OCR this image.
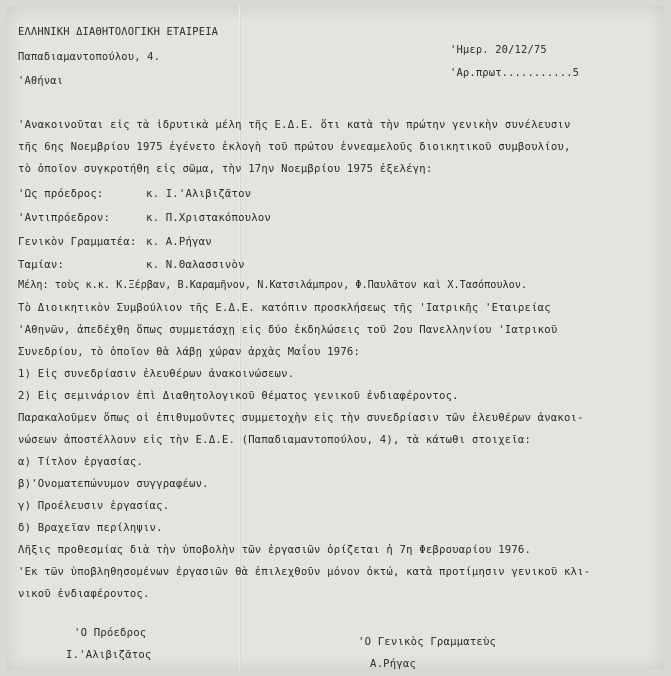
ΕΛΛΗΝΙΚΗ ΔΙΑΘΗΤΟΛΟΓΙΚΗ ΕΤΑΙΡΕΙΑ
Παπαδιαμαντοπούλου, 4.
'Αθήναι
'Ημερ. 20/12/75
'Αρ.πρωτ...........5
'Ανακοινοῦται εἰς τὰ ἱδρυτικὰ μέλη τῆς Ε.Δ.Ε. ὅτι κατὰ τὴν πρώτην γενικὴν συνέλευσιν
τῆς 6ης Νοεμβρίου 1975 ἐγένετο ἐκλογὴ τοῦ πρώτου ἐννεαμελοῦς διοικητικοῦ συμβουλίου,
τὸ ὁποῖον συγκροτήθη εἰς σῶμα, τὴν 17ην Νοεμβρίου 1975 ἐξελέγη:
'Ως πρόεδρος:	κ. Ι.'Αλιβιζᾶτον
'Αντιπρόεδρον:	κ. Π.Χριστακόπουλον
Γενικὸν Γραμματέα: κ. Α.Ρήγαν
Ταμίαν:	κ. Ν.Θαλασσινὸν
Μέλη: τοὺς κ.κ. Κ.Ξέρβαν, Β.Καραμῆνον, Ν.Κατσιλάμπρον, Φ.Παυλᾶτον καὶ Χ.Τασόπουλον.
Τὸ Διοικητικὸν Συμβούλιον τῆς Ε.Δ.Ε. κατόπιν προσκλήσεως τῆς 'Ιατρικῆς 'Εταιρείας
'Αθηνῶν, ἀπεδέχθη ὅπως συμμετάσχῃ εἰς δύο ἐκδηλώσεις τοῦ 2ου Πανελληνίου 'Ιατρικοῦ
Συνεδρίου, τὸ ὁποῖον θὰ λάβῃ χώραν ἀρχὰς Μαΐου 1976:
1) Εἰς συνεδρίασιν ἐλευθέρων ἀνακοινώσεων.
2) Εἰς σεμινάριον ἐπὶ Διαθητολογικοῦ θέματος γενικοῦ ἐνδιαφέροντος.
Παρακαλοῦμεν ὅπως οἱ ἐπιθυμοῦντες συμμετοχὴν εἰς τὴν συνεδρίασιν τῶν ἐλευθέρων ἀνακοι-
νώσεων ἀποστέλλουν εἰς τὴν Ε.Δ.Ε. (Παπαδιαμαντοπούλου, 4), τὰ κάτωθι στοιχεῖα:
α) Τίτλον ἐργασίας.
β)'Ονοματεπώνυμον συγγραφέων.
γ) Προέλευσιν ἐργασίας.
δ) Βραχεῖαν περίληψιν.
Λῆξις προθεσμίας διὰ τὴν ὑποβολὴν τῶν ἐργασιῶν ὁρίζεται ἡ 7η Φεβρουαρίου 1976.
'Εκ τῶν ὑποβληθησομένων ἐργασιῶν θὰ ἐπιλεχθοῦν μόνον ὀκτώ, κατὰ προτίμησιν γενικοῦ κλι-
νικοῦ ἐνδιαφέροντος.
'Ο Πρόεδρος
Ι.'Αλιβιζᾶτος
'Ο Γενικὸς Γραμματεὺς
Α.Ρήγας
